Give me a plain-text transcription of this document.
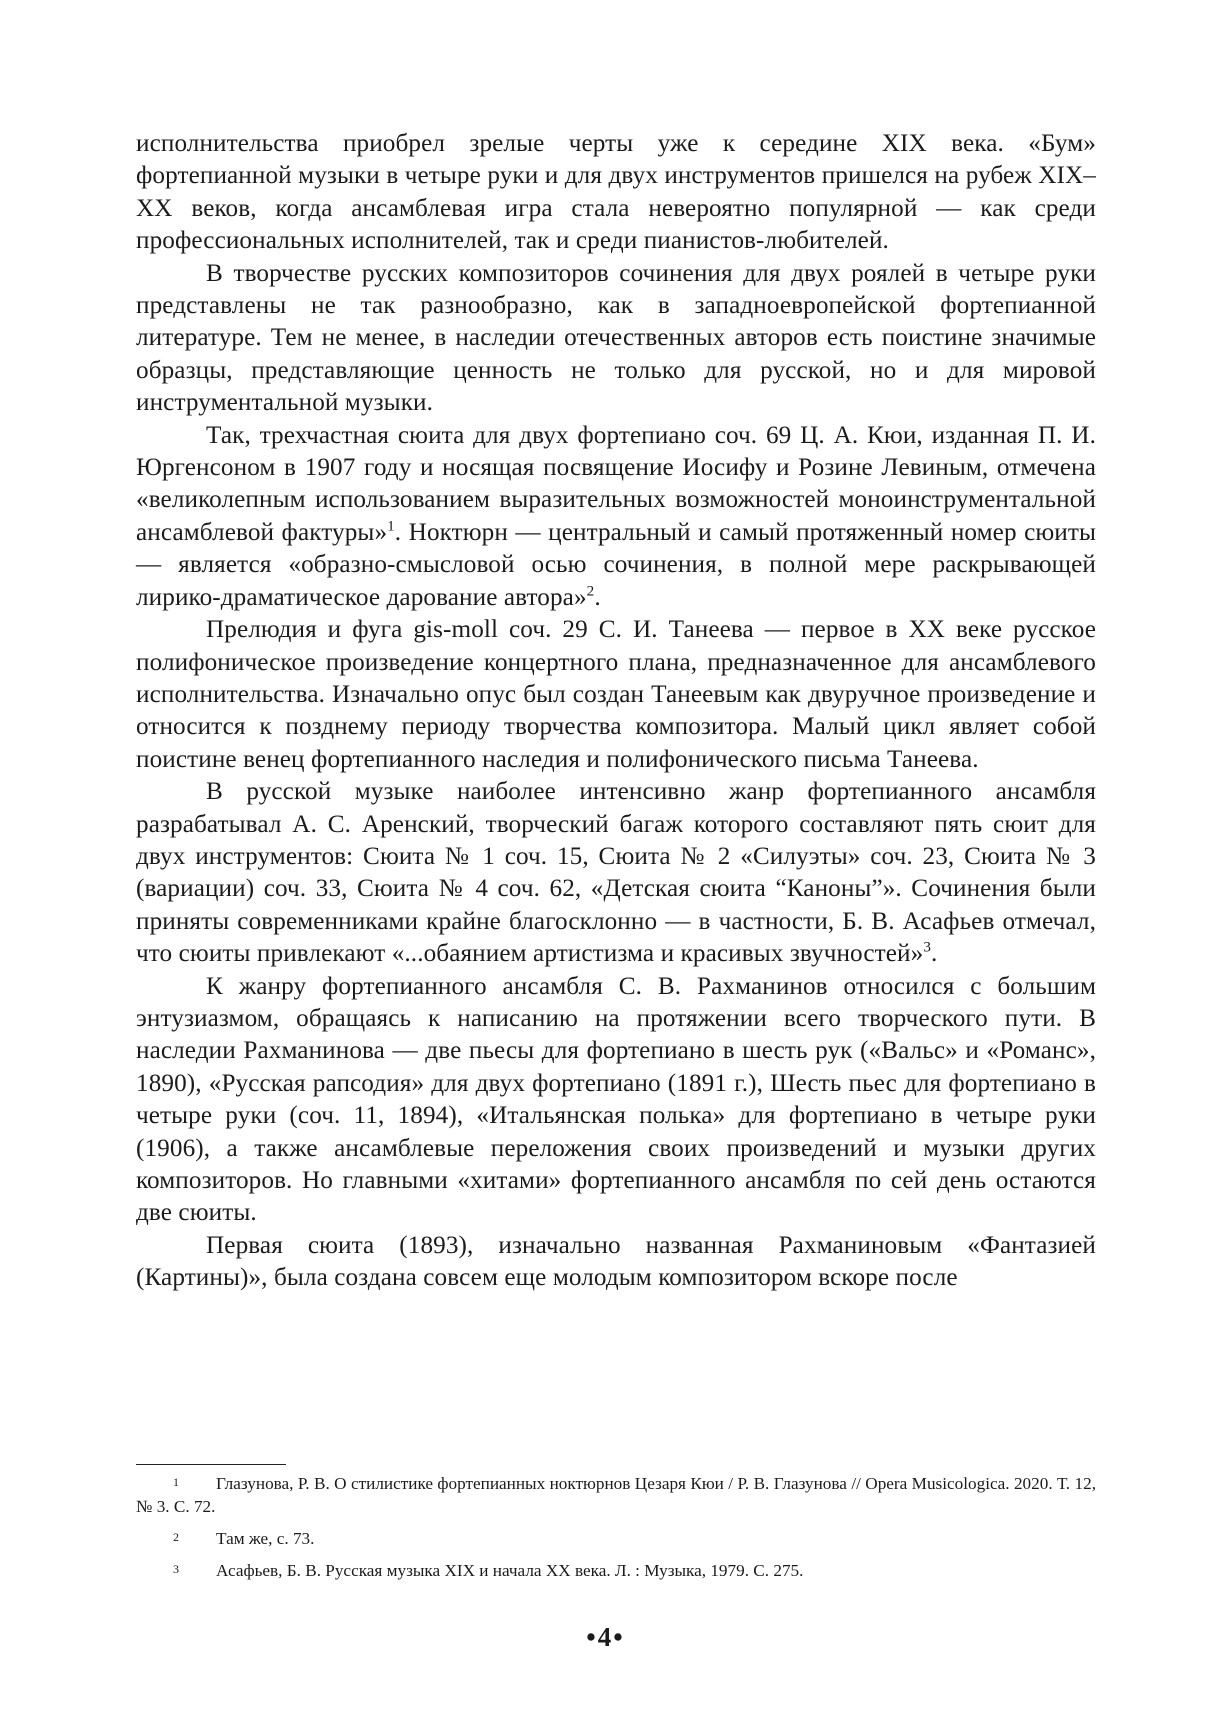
исполнительства приобрел зрелые черты уже к середине XIX века. «Бум» фортепианной музыки в четыре руки и для двух инструментов пришелся на рубеж XIX–XX веков, когда ансамблевая игра стала невероятно популярной — как среди профессиональных исполнителей, так и среди пианистов-любителей.

В творчестве русских композиторов сочинения для двух роялей в четыре руки представлены не так разнообразно, как в западноевропейской фортепианной литературе. Тем не менее, в наследии отечественных авторов есть поистине значимые образцы, представляющие ценность не только для русской, но и для мировой инструментальной музыки.

Так, трехчастная сюита для двух фортепиано соч. 69 Ц. А. Кюи, изданная П. И. Юргенсоном в 1907 году и носящая посвящение Иосифу и Розине Левиным, отмечена «великолепным использованием выразительных возможностей моноинструментальной ансамблевой фактуры»$^1$. Ноктюрн — центральный и самый протяженный номер сюиты — является «образно-смысловой осью сочинения, в полной мере раскрывающей лирико-драматическое дарование автора»$^2$.

Прелюдия и фуга gis-moll соч. 29 С. И. Танеева — первое в XX веке русское полифоническое произведение концертного плана, предназначенное для ансамблевого исполнительства. Изначально опус был создан Танеевым как двуручное произведение и относится к позднему периоду творчества композитора. Малый цикл являет собой поистине венец фортепианного наследия и полифонического письма Танеева.

В русской музыке наиболее интенсивно жанр фортепианного ансамбля разрабатывал А. С. Аренский, творческий багаж которого составляют пять сюит для двух инструментов: Сюита № 1 соч. 15, Сюита № 2 «Силуэты» соч. 23, Сюита № 3 (вариации) соч. 33, Сюита № 4 соч. 62, «Детская сюита “Каноны”». Сочинения были приняты современниками крайне благосклонно — в частности, Б. В. Асафьев отмечал, что сюиты привлекают «...обаянием артистизма и красивых звучностей»$^3$.

К жанру фортепианного ансамбля С. В. Рахманинов относился с большим энтузиазмом, обращаясь к написанию на протяжении всего творческого пути. В наследии Рахманинова — две пьесы для фортепиано в шесть рук («Вальс» и «Романс», 1890), «Русская рапсодия» для двух фортепиано (1891 г.), Шесть пьес для фортепиано в четыре руки (соч. 11, 1894), «Итальянская полька» для фортепиано в четыре руки (1906), а также ансамблевые переложения своих произведений и музыки других композиторов. Но главными «хитами» фортепианного ансамбля по сей день остаются две сюиты.

Первая сюита (1893), изначально названная Рахманиновым «Фантазией (Картины)», была создана совсем еще молодым композитором вскоре после

1 Глазунова, Р. В. О стилистике фортепианных ноктюрнов Цезаря Кюи / Р. В. Глазунова // Opera Musicologica. 2020. Т. 12, № 3. С. 72.

2 Там же, с. 73.

3 Асафьев, Б. В. Русская музыка XIX и начала XX века. Л. : Музыка, 1979. С. 275.

•4•
